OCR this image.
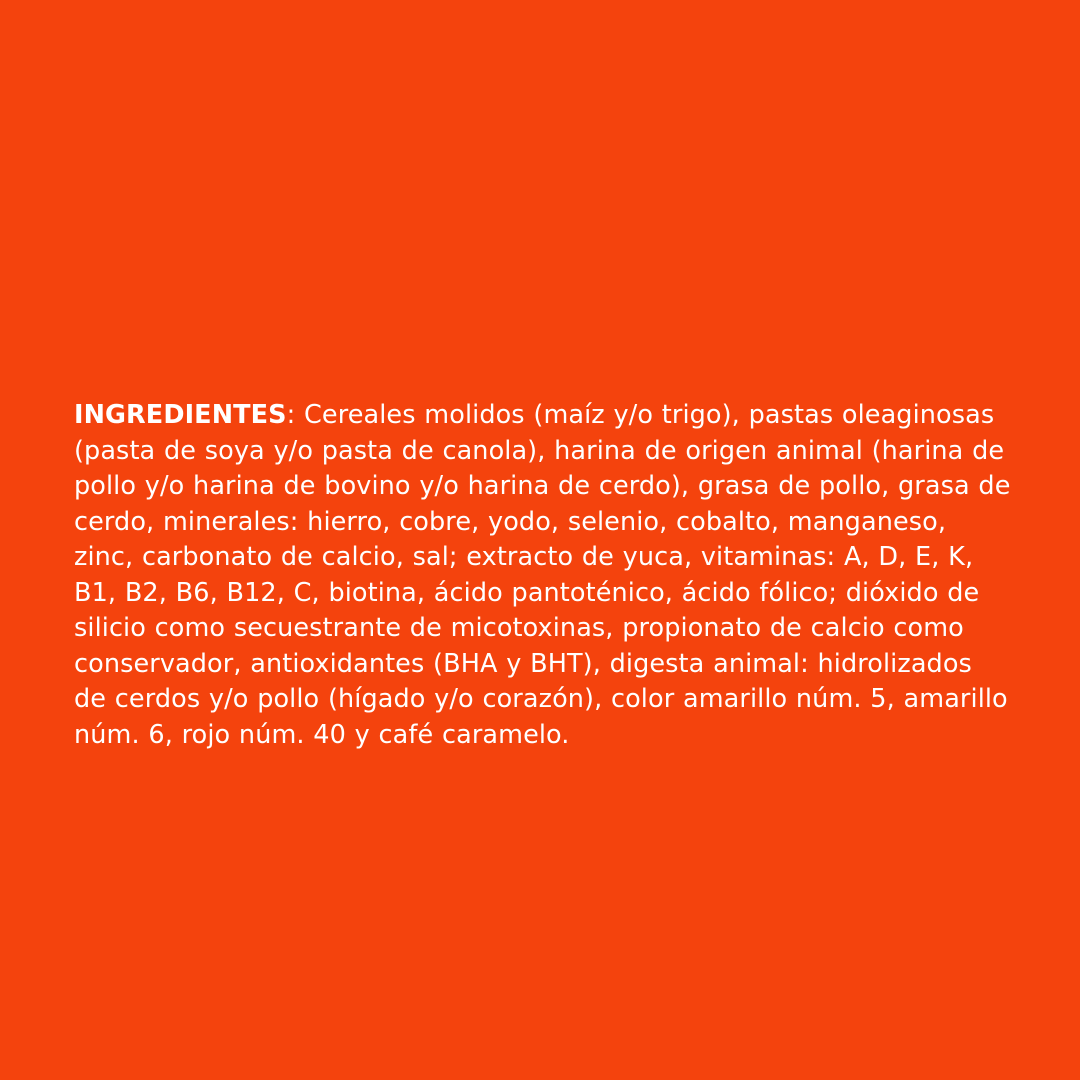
INGREDIENTES: Cereales molidos (maíz y/o trigo), pastas oleaginosas (pasta de soya y/o pasta de canola), harina de origen animal (harina de pollo y/o harina de bovino y/o harina de cerdo), grasa de pollo, grasa de cerdo, minerales: hierro, cobre, yodo, selenio, cobalto, manganeso, zinc, carbonato de calcio, sal; extracto de yuca, vitaminas: A, D, E, K, B1, B2, B6, B12, C, biotina, ácido pantoténico, ácido fólico; dióxido de silicio como secuestrante de micotoxinas, propionato de calcio como conservador, antioxidantes (BHA y BHT), digesta animal: hidrolizados de cerdos y/o pollo (hígado y/o corazón), color amarillo núm. 5, amarillo núm. 6, rojo núm. 40 y café caramelo.
